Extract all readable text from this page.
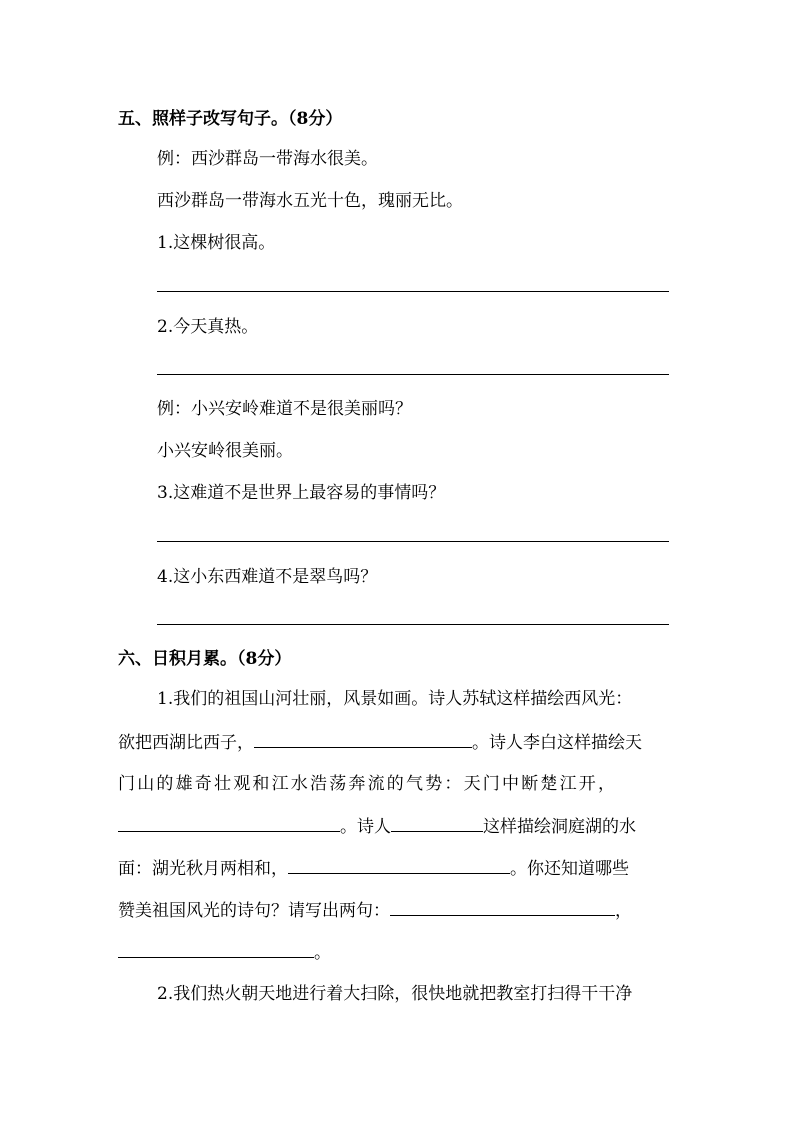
五、照样子改写句子。（8分）
例：西沙群岛一带海水很美。
西沙群岛一带海水五光十色，瑰丽无比。
1.这棵树很高。
2.今天真热。
例：小兴安岭难道不是很美丽吗？
小兴安岭很美丽。
3.这难道不是世界上最容易的事情吗？
4.这小东西难道不是翠鸟吗？
六、日积月累。（8分）
1.我们的祖国山河壮丽，风景如画。诗人苏轼这样描绘西风光：
欲把西湖比西子，	。诗人李白这样描绘天
门山的雄奇壮观和江水浩荡奔流的气势：天门中断楚江开，
。诗人	这样描绘洞庭湖的水
面：湖光秋月两相和，	。你还知道哪些
赞美祖国风光的诗句？请写出两句：	，
。
2.我们热火朝天地进行着大扫除，很快地就把教室打扫得干干净
